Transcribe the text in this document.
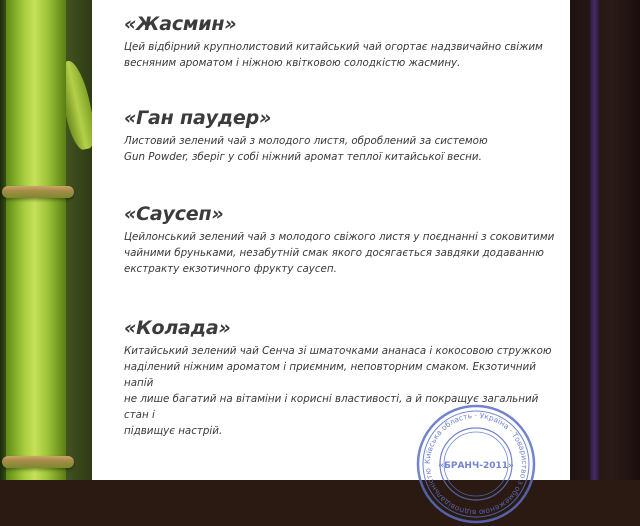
«Жасмин»

Цей відбірний крупнолистовий китайський чай огортає надзвичайно свіжим
весняним ароматом і ніжною квітковою солодкістю жасмину.

«Ган паудер»

Листовий зелений чай з молодого листя, оброблений за системою
Gun Powder, зберіг у собі ніжний аромат теплої китайської весни.

«Саусеп»

Цейлонський зелений чай з молодого свіжого листя у поєднанні з соковитими
чайними бруньками, незабутній смак якого досягається завдяки додаванню
екстракту екзотичного фрукту саусеп.

«Колада»

Китайський зелений чай Сенча зі шматочками ананаса і кокосовою стружкою
наділений ніжним ароматом і приємним, неповторним смаком. Екзотичний напій
не лише багатий на вітаміни і корисні властивості, а й покращує загальний стан і
підвищує настрій.

Київська область · Україна · Товариство з обмеженою відповідальністю
«БРАНЧ-2011»
